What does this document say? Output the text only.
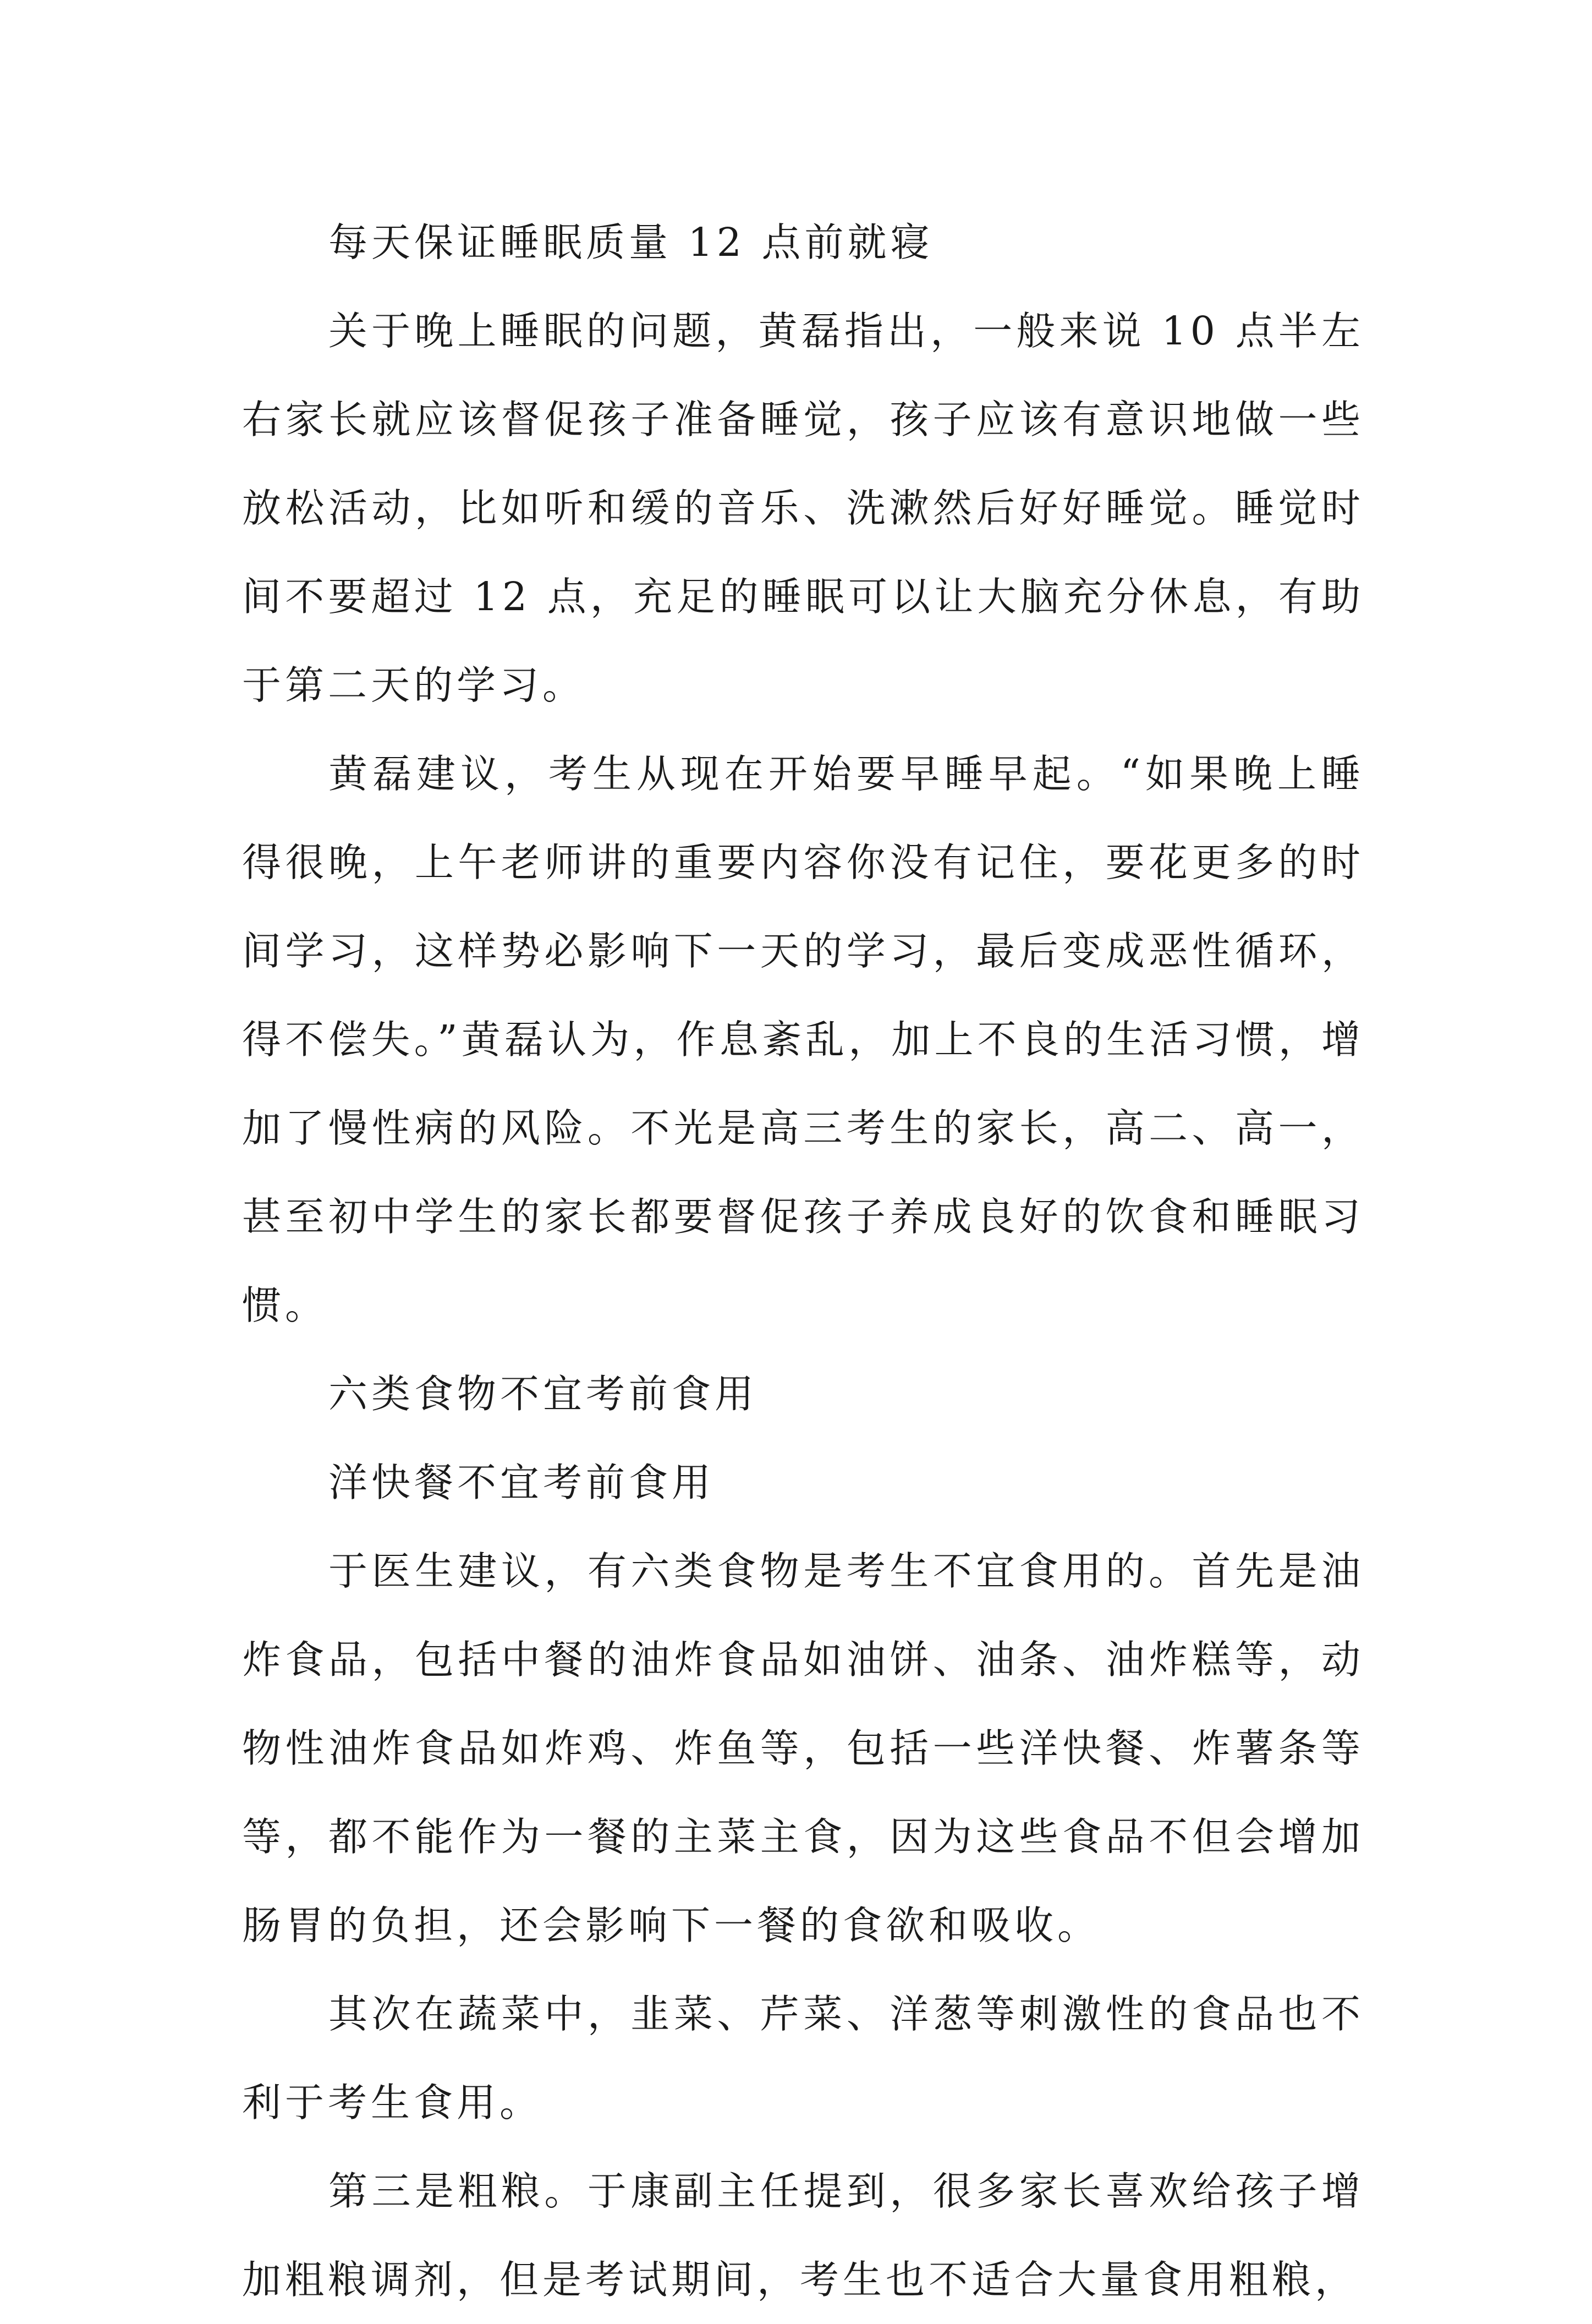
每天保证睡眠质量 12 点前就寝

关于晚上睡眠的问题，黄磊指出，一般来说 10 点半左右家长就应该督促孩子准备睡觉，孩子应该有意识地做一些放松活动，比如听和缓的音乐、洗漱然后好好睡觉。睡觉时间不要超过 12 点，充足的睡眠可以让大脑充分休息，有助于第二天的学习。

黄磊建议，考生从现在开始要早睡早起。“如果晚上睡得很晚，上午老师讲的重要内容你没有记住，要花更多的时间学习，这样势必影响下一天的学习，最后变成恶性循环，得不偿失。”黄磊认为，作息紊乱，加上不良的生活习惯，增加了慢性病的风险。不光是高三考生的家长，高二、高一，甚至初中学生的家长都要督促孩子养成良好的饮食和睡眠习惯。

六类食物不宜考前食用

洋快餐不宜考前食用

于医生建议，有六类食物是考生不宜食用的。首先是油炸食品，包括中餐的油炸食品如油饼、油条、油炸糕等，动物性油炸食品如炸鸡、炸鱼等，包括一些洋快餐、炸薯条等等，都不能作为一餐的主菜主食，因为这些食品不但会增加肠胃的负担，还会影响下一餐的食欲和吸收。

其次在蔬菜中，韭菜、芹菜、洋葱等刺激性的食品也不利于考生食用。

第三是粗粮。于康副主任提到，很多家长喜欢给孩子增加粗粮调剂，但是考试期间，考生也不适合大量食用粗粮，
